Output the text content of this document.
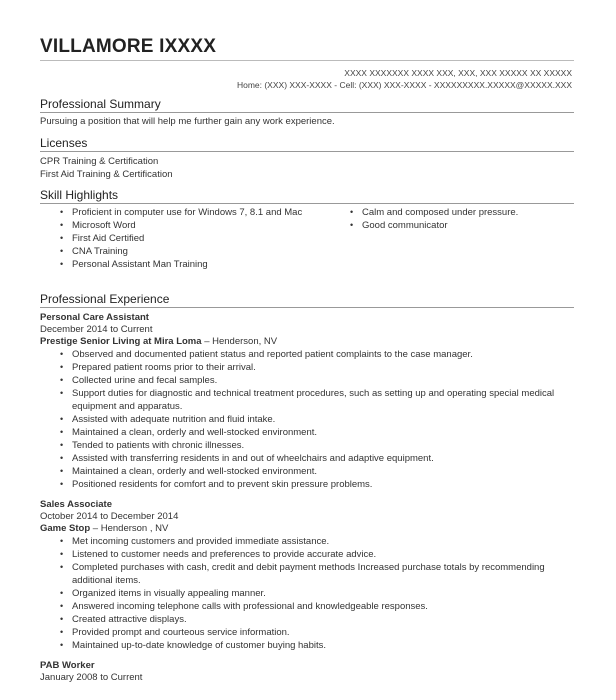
VILLAMORE IXXXX
XXXX XXXXXXX XXXX XXX, XXX, XXX XXXXX XX XXXXX
Home: (XXX) XXX-XXXX - Cell: (XXX) XXX-XXXX - XXXXXXXXX.XXXXX@XXXXX.XXX
Professional Summary

Pursuing a position that will help me further gain any work experience.

Licenses
CPR Training & Certification
First Aid Training & Certification
Skill Highlights
• Proficient in computer use for Windows 7, 8.1 and Mac
• Microsoft Word
• First Aid Certified
• CNA Training
• Personal Assistant Man Training
• Calm and composed under pressure.
• Good communicator
Professional Experience
Personal Care Assistant
December 2014 to Current
Prestige Senior Living at Mira Loma – Henderson, NV
• Observed and documented patient status and reported patient complaints to the case manager.
• Prepared patient rooms prior to their arrival.
• Collected urine and fecal samples.
• Support duties for diagnostic and technical treatment procedures, such as setting up and operating special medical equipment and apparatus.
• Assisted with adequate nutrition and fluid intake.
• Maintained a clean, orderly and well-stocked environment.
• Tended to patients with chronic illnesses.
• Assisted with transferring residents in and out of wheelchairs and adaptive equipment.
• Maintained a clean, orderly and well-stocked environment.
• Positioned residents for comfort and to prevent skin pressure problems.
Sales Associate
October 2014 to December 2014
Game Stop – Henderson , NV
• Met incoming customers and provided immediate assistance.
• Listened to customer needs and preferences to provide accurate advice.
• Completed purchases with cash, credit and debit payment methods Increased purchase totals by recommending additional items.
• Organized items in visually appealing manner.
• Answered incoming telephone calls with professional and knowledgeable responses.
• Created attractive displays.
• Provided prompt and courteous service information.
• Maintained up-to-date knowledge of customer buying habits.
PAB Worker
January 2008 to Current
